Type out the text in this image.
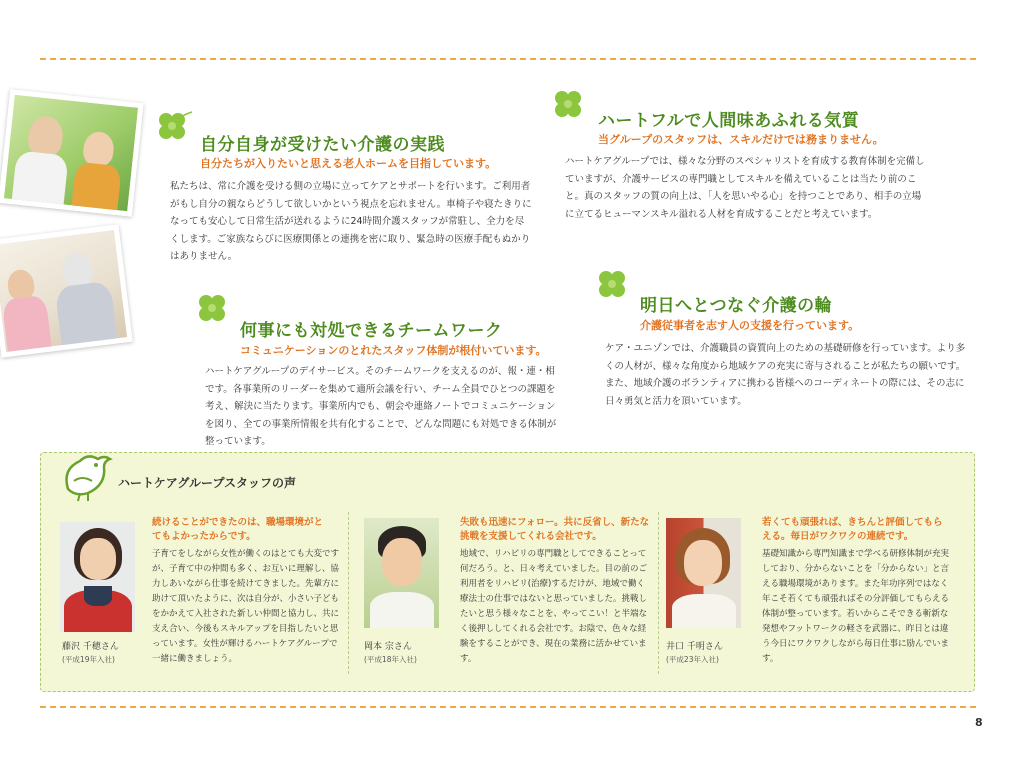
自分自身が受けたい介護の実践
自分たちが入りたいと思える老人ホームを目指しています。
私たちは、常に介護を受ける側の立場に立ってケアとサポートを行います。ご利用者がもし自分の親ならどうして欲しいかという視点を忘れません。車椅子や寝たきりになっても安心して日常生活が送れるように24時間介護スタッフが常駐し、全力を尽くします。ご家族ならびに医療関係との連携を密に取り、緊急時の医療手配もぬかりはありません。
ハートフルで人間味あふれる気質
当グループのスタッフは、スキルだけでは務まりません。
ハートケアグループでは、様々な分野のスペシャリストを育成する教育体制を完備していますが、介護サービスの専門職としてスキルを備えていることは当たり前のこと。真のスタッフの質の向上は、「人を思いやる心」を持つことであり、相手の立場に立てるヒューマンスキル溢れる人材を育成することだと考えています。
何事にも対処できるチームワーク
コミュニケーションのとれたスタッフ体制が根付いています。
ハートケアグループのデイサービス。そのチームワークを支えるのが、報・連・相です。各事業所のリーダーを集めて適所会議を行い、チーム全員でひとつの課題を考え、解決に当たります。事業所内でも、朝会や連絡ノートでコミュニケーションを図り、全ての事業所情報を共有化することで、どんな問題にも対処できる体制が整っています。
明日へとつなぐ介護の輪
介護従事者を志す人の支援を行っています。
ケア・ユニゾンでは、介護職員の資質向上のための基礎研修を行っています。より多くの人材が、様々な角度から地域ケアの充実に寄与されることが私たちの願いです。また、地域介護のボランティアに携わる皆様へのコーディネートの際には、その志に日々勇気と活力を頂いています。
ハートケアグループスタッフの声
藤沢 千穂さん
(平成19年入社)
続けることができたのは、職場環境がとてもよかったからです。
子育てをしながら女性が働くのはとても大変ですが、子育て中の仲間も多く、お互いに理解し、協力しあいながら仕事を続けてきました。先輩方に助けて頂いたように、次は自分が、小さい子どもをかかえて入社された新しい仲間と協力し、共に支え合い、今後もスキルアップを目指したいと思っています。女性が輝けるハートケアグループで一緒に働きましょう。
岡本 宗さん
(平成18年入社)
失敗も迅速にフォロー。共に反省し、新たな挑戦を支援してくれる会社です。
地域で、リハビリの専門職としてできることって何だろう。と、日々考えていました。目の前のご利用者をリハビリ(治療)するだけが、地域で働く療法士の仕事ではないと思っていました。挑戦したいと思う様々なことを、やってこい！と半端なく後押ししてくれる会社です。お陰で、色々な経験をすることができ、現在の業務に活かせています。
井口 千明さん
(平成23年入社)
若くても頑張れば、きちんと評価してもらえる。毎日がワクワクの連続です。
基礎知識から専門知識まで学べる研修体制が充実しており、分からないことを「分からない」と言える職場環境があります。また年功序列ではなく年こそ若くても頑張ればその分評価してもらえる体制が整っています。若いからこそできる斬新な発想やフットワークの軽さを武器に、昨日とは違う今日にワクワクしながら毎日仕事に励んでいます。
8
